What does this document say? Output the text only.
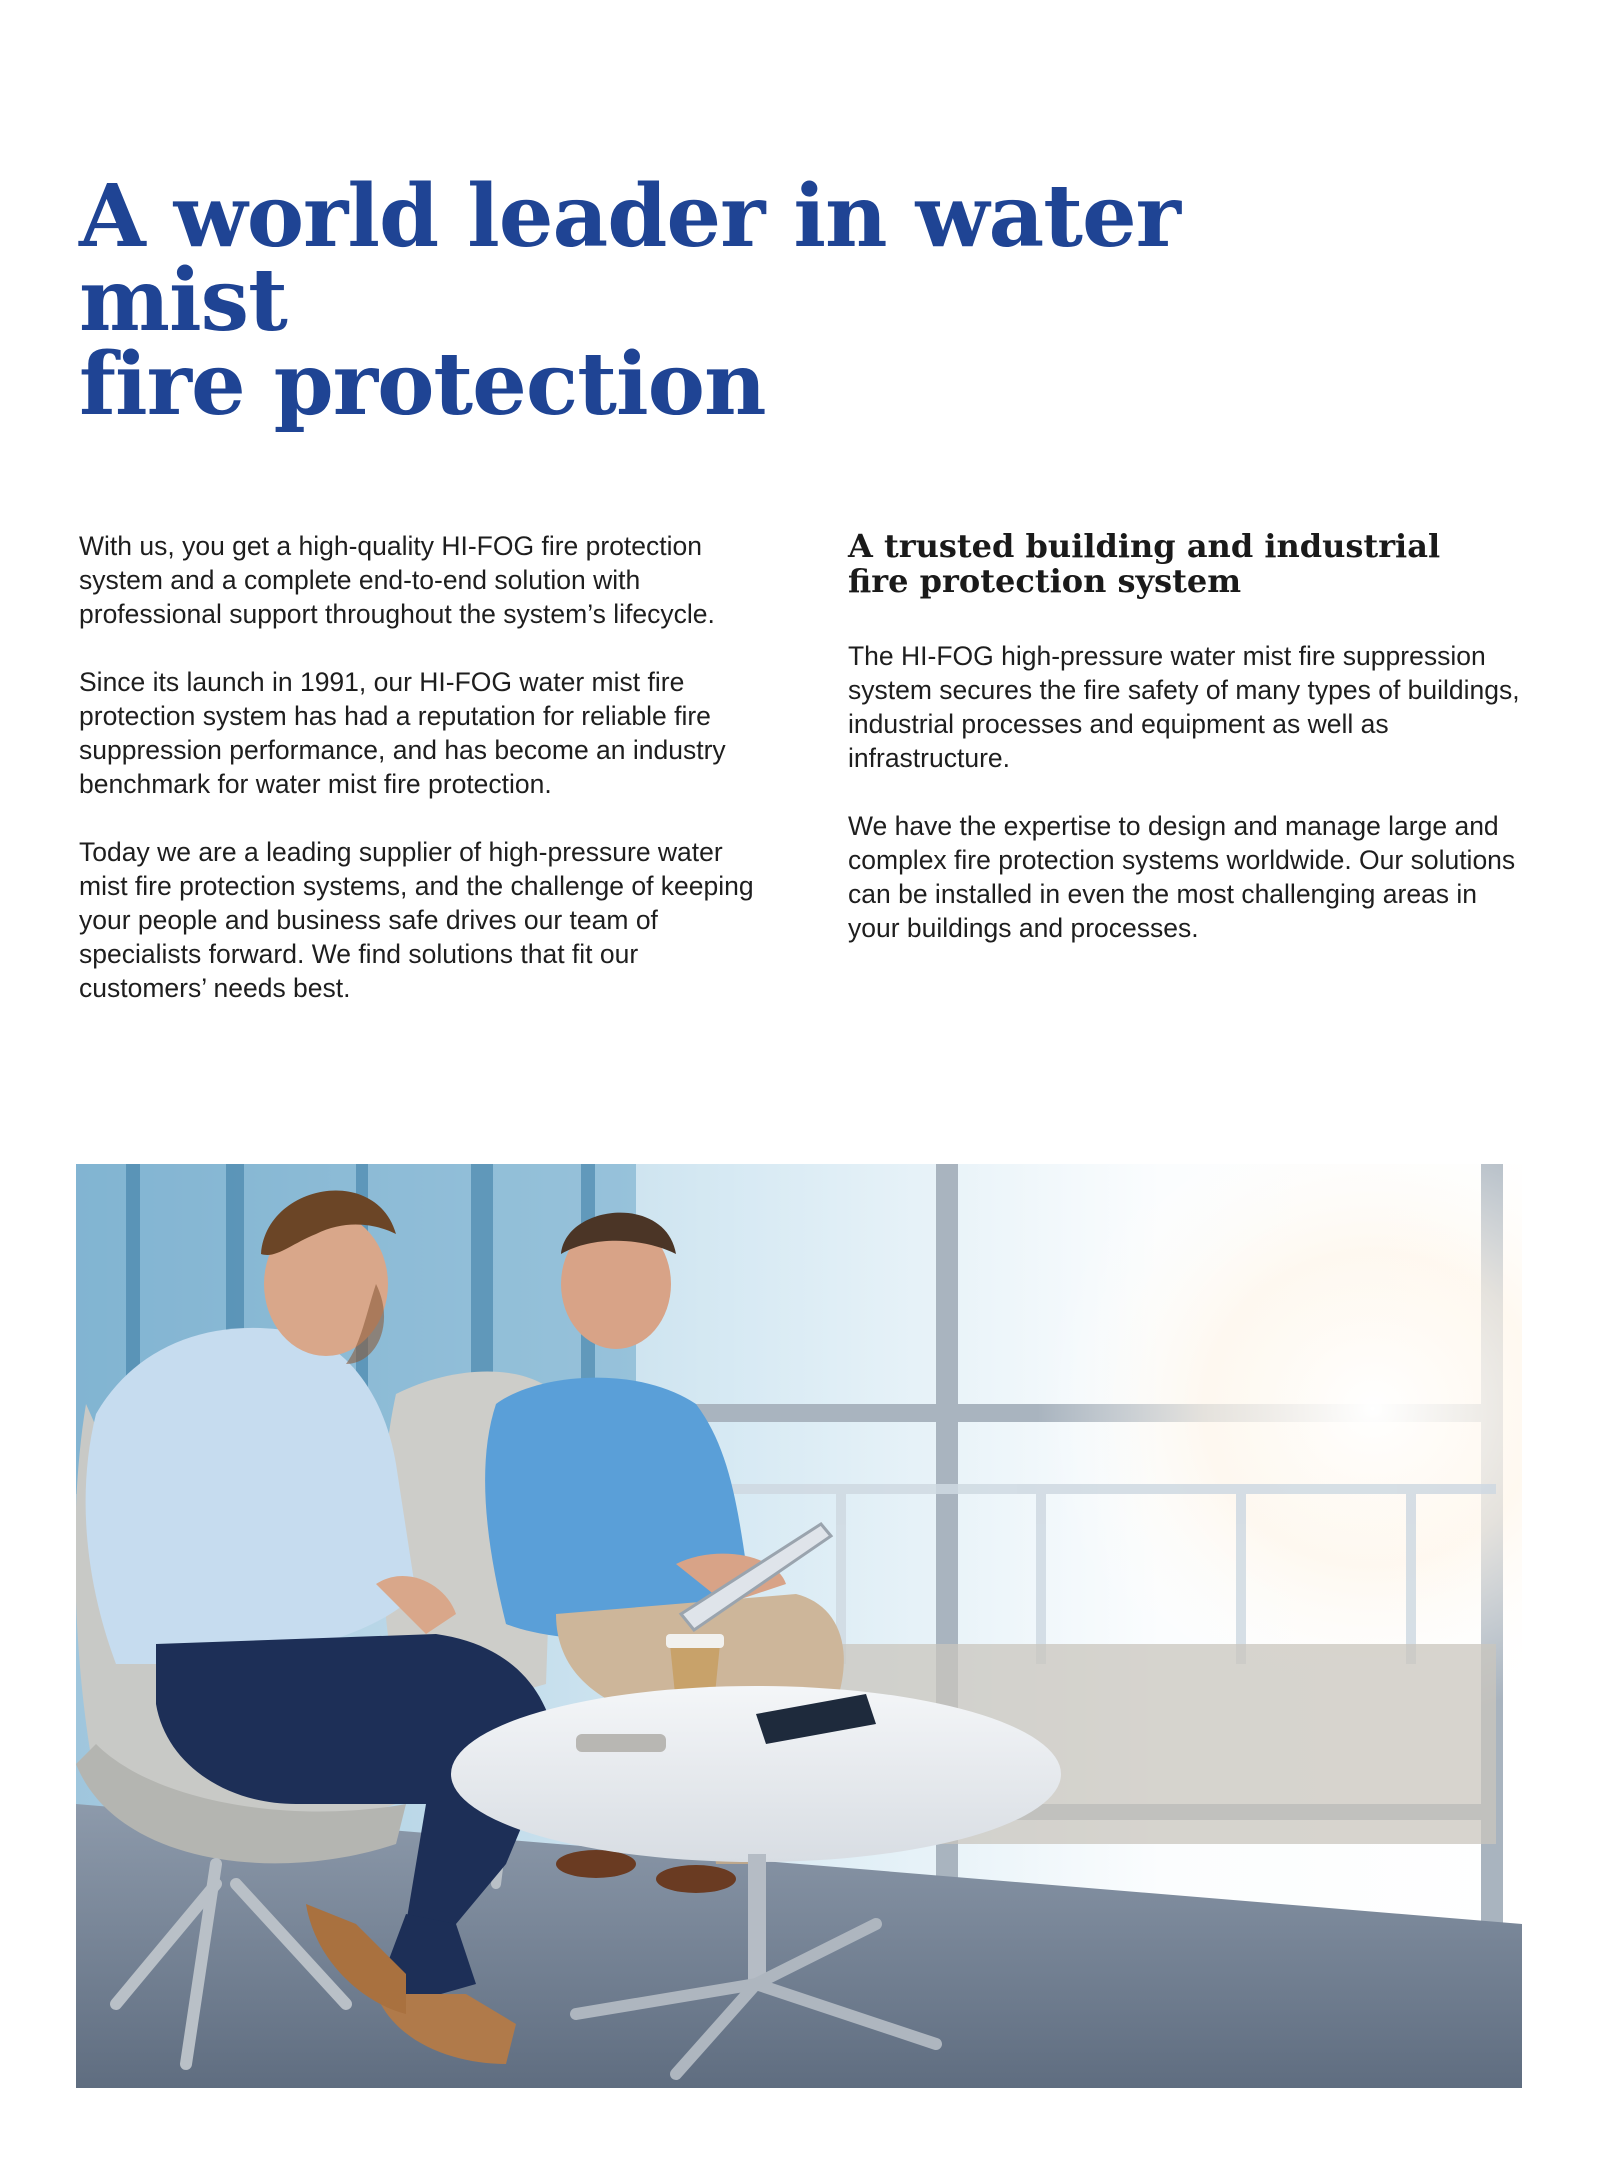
A world leader in water mist
fire protection

With us, you get a high-quality HI-FOG fire protection system and a complete end-to-end solution with professional support throughout the system’s lifecycle.

Since its launch in 1991, our HI-FOG water mist fire protection system has had a reputation for reliable fire suppression performance, and has become an industry benchmark for water mist fire protection.

Today we are a leading supplier of high-pressure water mist fire protection systems, and the challenge of keeping your people and business safe drives our team of specialists forward. We find solutions that fit our customers’ needs best.

A trusted building and industrial
fire protection system

The HI-FOG high-pressure water mist fire suppression system secures the fire safety of many types of buildings, industrial processes and equipment as well as infrastructure.

We have the expertise to design and manage large and complex fire protection systems worldwide. Our solutions can be installed in even the most challenging areas in your buildings and processes.
